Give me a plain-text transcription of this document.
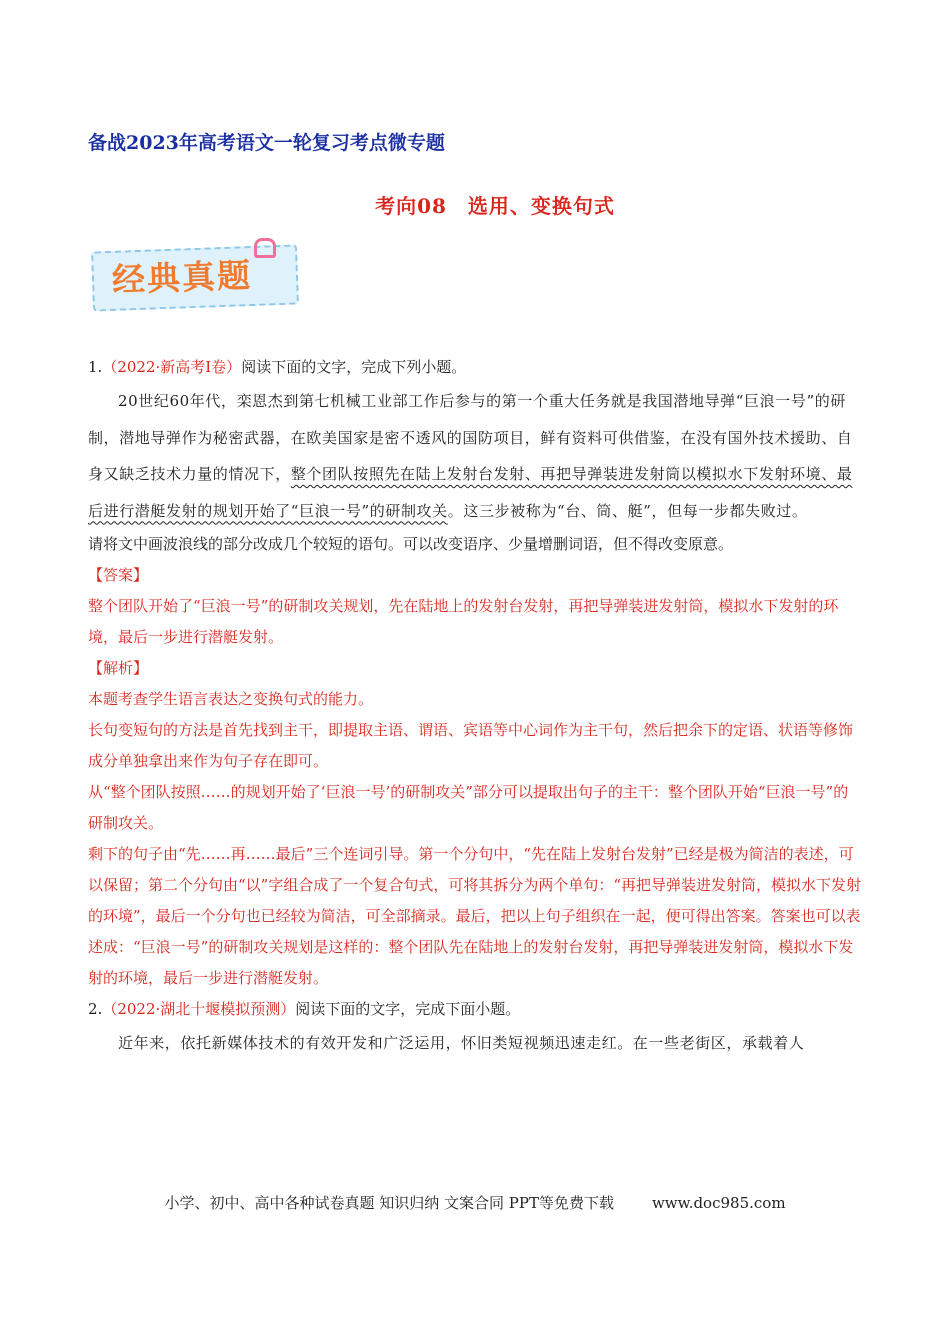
备战2023年高考语文一轮复习考点微专题
考向08　选用、变换句式
经典真题

1.（2022·新高考I卷）阅读下面的文字，完成下列小题。

20世纪60年代，栾恩杰到第七机械工业部工作后参与的第一个重大任务就是我国潜地导弹“巨浪一号”的研制，潜地导弹作为秘密武器，在欧美国家是密不透风的国防项目，鲜有资料可供借鉴，在没有国外技术援助、自身又缺乏技术力量的情况下，整个团队按照先在陆上发射台发射、再把导弹装进发射筒以模拟水下发射环境、最后进行潜艇发射的规划开始了“巨浪一号”的研制攻关。这三步被称为“台、筒、艇”，但每一步都失败过。

请将文中画波浪线的部分改成几个较短的语句。可以改变语序、少量增删词语，但不得改变原意。

【答案】

整个团队开始了“巨浪一号”的研制攻关规划，先在陆地上的发射台发射，再把导弹装进发射筒，模拟水下发射的环境，最后一步进行潜艇发射。

【解析】

本题考查学生语言表达之变换句式的能力。

长句变短句的方法是首先找到主干，即提取主语、谓语、宾语等中心词作为主干句，然后把余下的定语、状语等修饰成分单独拿出来作为句子存在即可。

从“整个团队按照……的规划开始了‘巨浪一号’的研制攻关”部分可以提取出句子的主干：整个团队开始“巨浪一号”的研制攻关。

剩下的句子由“先……再……最后”三个连词引导。第一个分句中，“先在陆上发射台发射”已经是极为简洁的表述，可以保留；第二个分句由“以”字组合成了一个复合句式，可将其拆分为两个单句：“再把导弹装进发射筒，模拟水下发射的环境”，最后一个分句也已经较为简洁，可全部摘录。最后，把以上句子组织在一起，便可得出答案。答案也可以表述成：“巨浪一号”的研制攻关规划是这样的：整个团队先在陆地上的发射台发射，再把导弹装进发射筒，模拟水下发射的环境，最后一步进行潜艇发射。

2.（2022·湖北十堰模拟预测）阅读下面的文字，完成下面小题。

近年来，依托新媒体技术的有效开发和广泛运用，怀旧类短视频迅速走红。在一些老街区，承载着人

小学、初中、高中各种试卷真题 知识归纳 文案合同 PPT等免费下载	www.doc985.com
